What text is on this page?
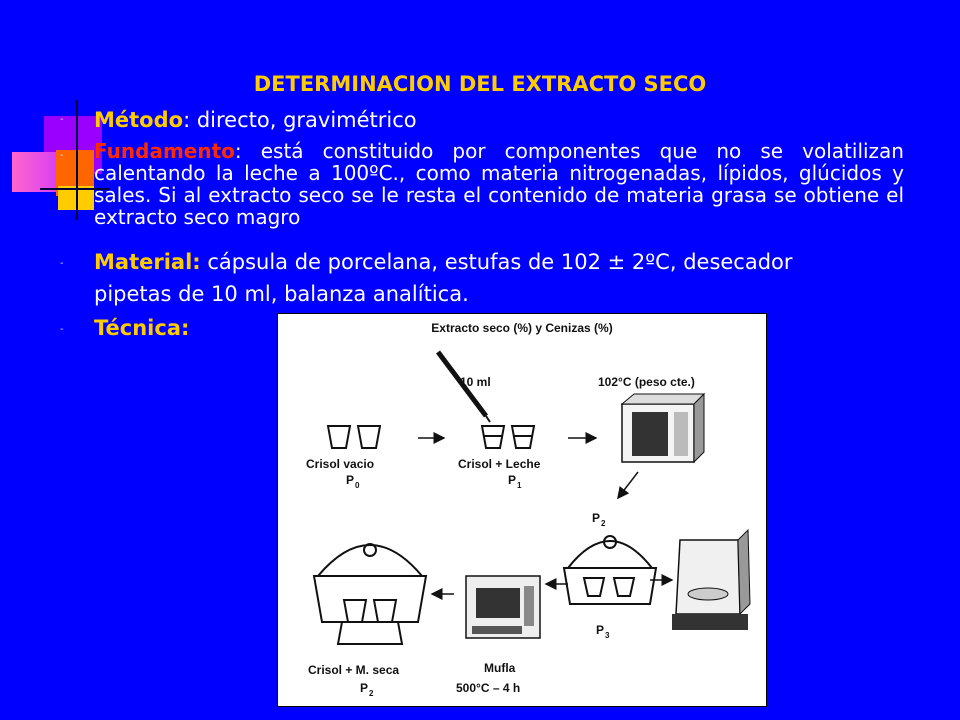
DETERMINACION DEL EXTRACTO SECO
- Método: directo, gravimétrico
- Fundamento: está constituido por componentes que no se volatilizan calentando la leche a 100ºC., como materia nitrogenadas, lípidos, glúcidos y sales. Si al extracto seco se le resta el contenido de materia grasa se obtiene el extracto seco magro
- Material: cápsula de porcelana, estufas de 102 ± 2ºC, desecador
pipetas de 10 ml, balanza analítica.
- Técnica:	Extracto seco (%) y Cenizas (%)
10 ml	102°C (peso cte.)
Crisol vacio
P 0
Crisol + Leche
P 1
P 2
Crisol + M. seca
P 2
Mufla
500°C – 4 h
P 3
